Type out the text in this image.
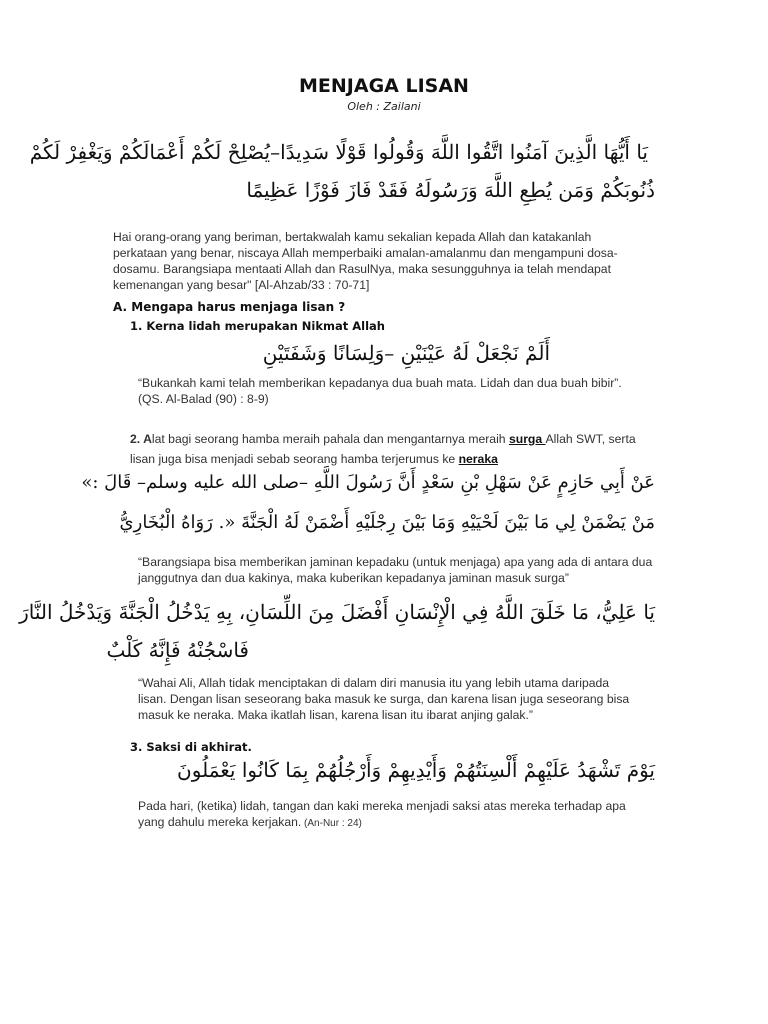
MENJAGA LISAN
Oleh : Zailani
يَا أَيُّهَا الَّذِينَ آمَنُوا اتَّقُوا اللَّهَ وَقُولُوا قَوْلًا سَدِيدًا–يُصْلِحْ لَكُمْ أَعْمَالَكُمْ وَيَغْفِرْ لَكُمْ
ذُنُوبَكُمْ وَمَن يُطِعِ اللَّهَ وَرَسُولَهُ فَقَدْ فَازَ فَوْزًا عَظِيمًا
Hai orang-orang yang beriman, bertakwalah kamu sekalian kepada Allah dan katakanlah
perkataan yang benar, niscaya Allah memperbaiki amalan-amalanmu dan mengampuni dosa-
dosamu. Barangsiapa mentaati Allah dan RasulNya, maka sesungguhnya ia telah mendapat
kemenangan yang besar" [Al-Ahzab/33 : 70-71]
A. Mengapa harus menjaga lisan ?
1. Kerna lidah merupakan Nikmat Allah
أَلَمْ نَجْعَلْ لَهُ عَيْنَيْنِ –وَلِسَانًا وَشَفَتَيْنِ
“Bukankah kami telah memberikan kepadanya dua buah mata. Lidah dan dua buah bibir”.
(QS. Al-Balad (90) : 8-9)
2. Alat bagi seorang hamba meraih pahala dan mengantarnya meraih surga Allah SWT, serta
lisan juga bisa menjadi sebab seorang hamba terjerumus ke neraka
عَنْ أَبِي حَازِمٍ عَنْ سَهْلِ بْنِ سَعْدٍ أَنَّ رَسُولَ اللَّهِ –صلى الله عليه وسلم– قَالَ :»
مَنْ يَضْمَنْ لِي مَا بَيْنَ لَحْيَيْهِ وَمَا بَيْنَ رِجْلَيْهِ أَضْمَنْ لَهُ الْجَنَّةَ «. رَوَاهُ الْبُخَارِيُّ
“Barangsiapa bisa memberikan jaminan kepadaku (untuk menjaga) apa yang ada di antara dua
janggutnya dan dua kakinya, maka kuberikan kepadanya jaminan masuk surga”
يَا عَلِيُّ، مَا خَلَقَ اللَّهُ فِي الْإِنْسَانِ أَفْضَلَ مِنَ اللِّسَانِ، بِهِ يَدْخُلُ الْجَنَّةَ وَيَدْخُلُ النَّارَ
فَاسْجُنْهُ فَإِنَّهُ كَلْبٌ
“Wahai Ali, Allah tidak menciptakan di dalam diri manusia itu yang lebih utama daripada
lisan. Dengan lisan seseorang baka masuk ke surga, dan karena lisan juga seseorang bisa
masuk ke neraka. Maka ikatlah lisan, karena lisan itu ibarat anjing galak.”
3. Saksi di akhirat.
يَوْمَ تَشْهَدُ عَلَيْهِمْ أَلْسِنَتُهُمْ وَأَيْدِيهِمْ وَأَرْجُلُهُمْ بِمَا كَانُوا يَعْمَلُونَ
Pada hari, (ketika) lidah, tangan dan kaki mereka menjadi saksi atas mereka terhadap apa
yang dahulu mereka kerjakan. (An-Nur : 24)
